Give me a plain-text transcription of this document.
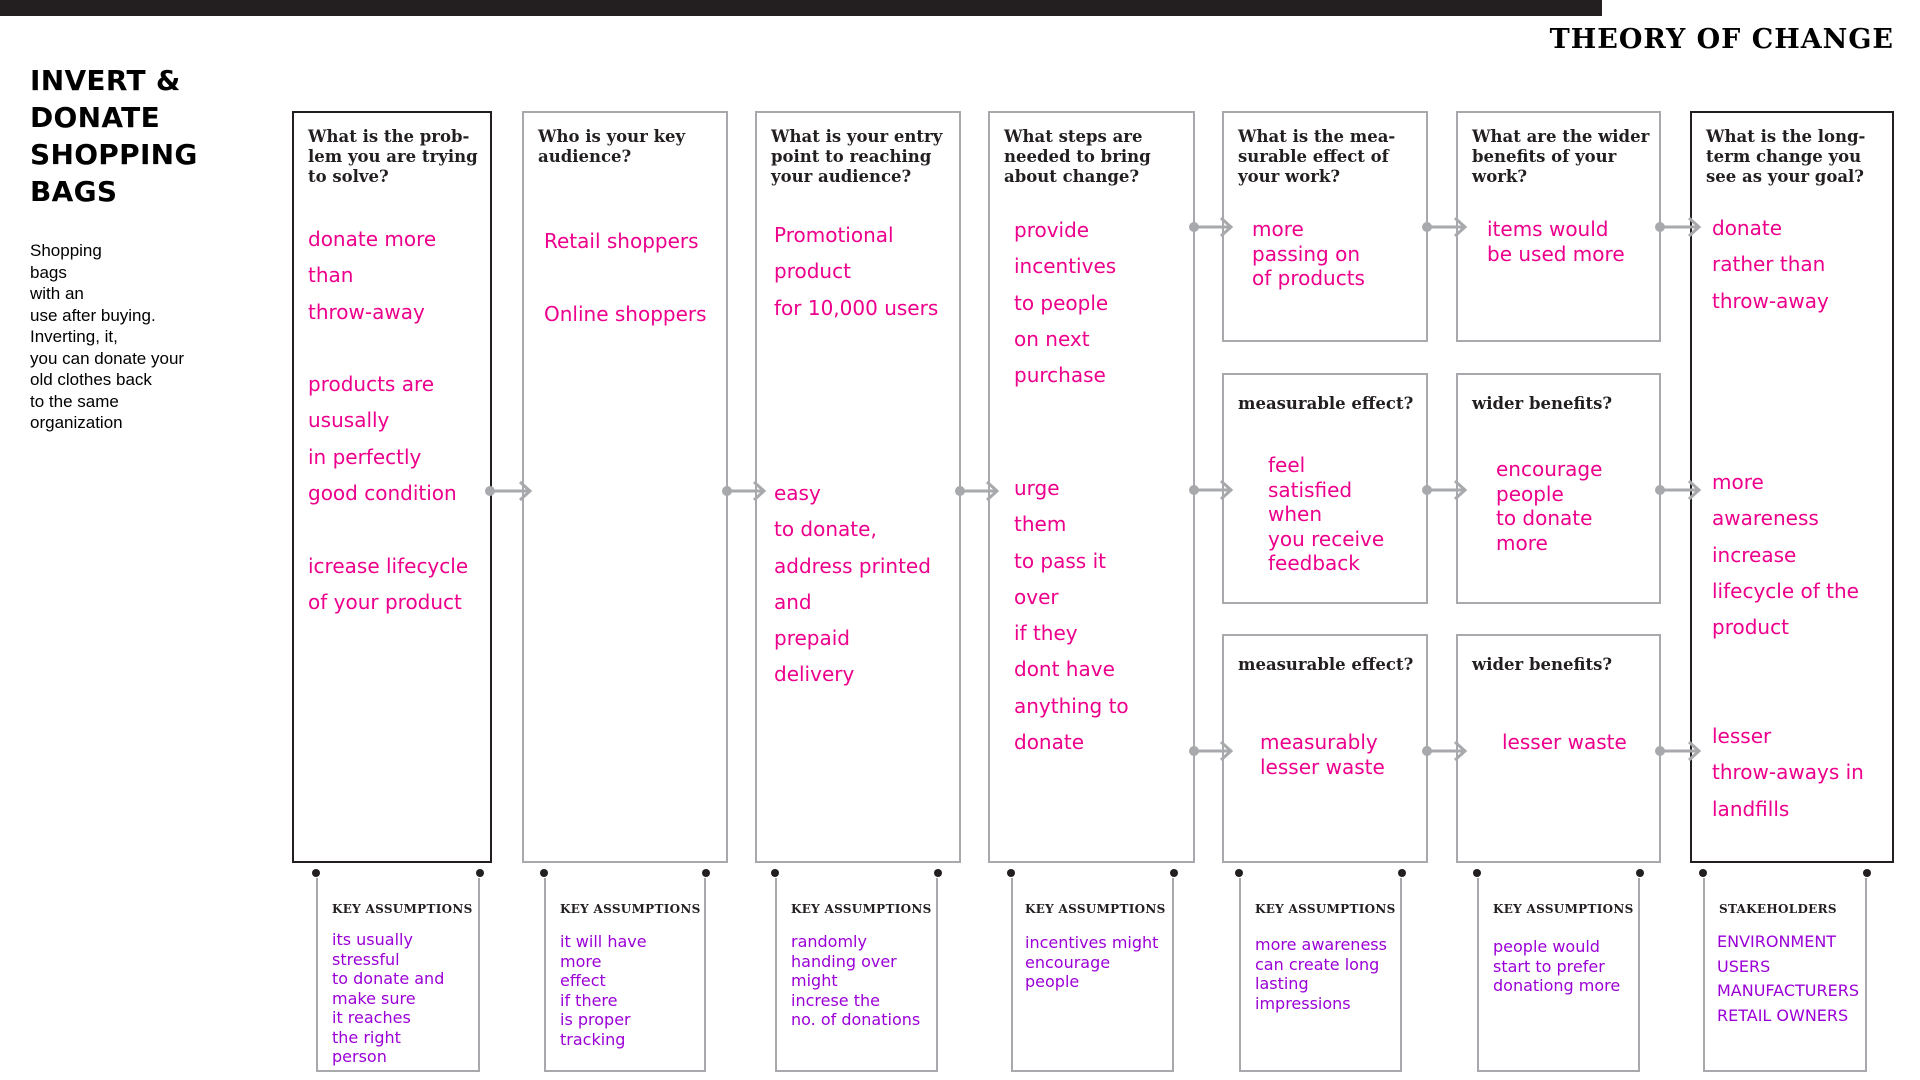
INVERT &
DONATE
SHOPPING
BAGS
Shopping
bags
with an
use after buying.
Inverting, it,
you can donate your
old clothes back
to the same
organization
THEORY OF CHANGE
What is the prob-
lem you are trying
to solve?
donate more
than
throw-away
products are
ususally
in perfectly
good condition
icrease lifecycle
of your product
Who is your key
audience?
Retail shoppers
Online shoppers
What is your entry
point to reaching
your audience?
Promotional
product
for 10,000 users
easy
to donate,
address printed
and
prepaid
delivery
What steps are
needed to bring
about change?
provide
incentives
to people
on next
purchase
urge
them
to pass it
over
if they
dont have
anything to
donate
What is the mea-
surable effect of
your work?
more
passing on
of products
measurable effect?
feel
satisfied
when
you receive
feedback
measurable effect?
measurably
lesser waste
What are the wider
benefits of your
work?
items would
be used more
wider benefits?
encourage
people
to donate
more
wider benefits?
lesser waste
What is the long-
term change you
see as your goal?
donate
rather than
throw-away
more
awareness
increase
lifecycle of the
product
lesser
throw-aways in
landfills
KEY ASSUMPTIONS
its usually
stressful
to donate and
make sure
it reaches
the right
person
KEY ASSUMPTIONS
it will have
more
effect
if there
is proper
tracking
KEY ASSUMPTIONS
randomly
handing over
might
increse the
no. of donations
KEY ASSUMPTIONS
incentives might
encourage
people
KEY ASSUMPTIONS
more awareness
can create long
lasting
impressions
KEY ASSUMPTIONS
people would
start to prefer
donationg more
STAKEHOLDERS
ENVIRONMENT
USERS
MANUFACTURERS
RETAIL OWNERS
